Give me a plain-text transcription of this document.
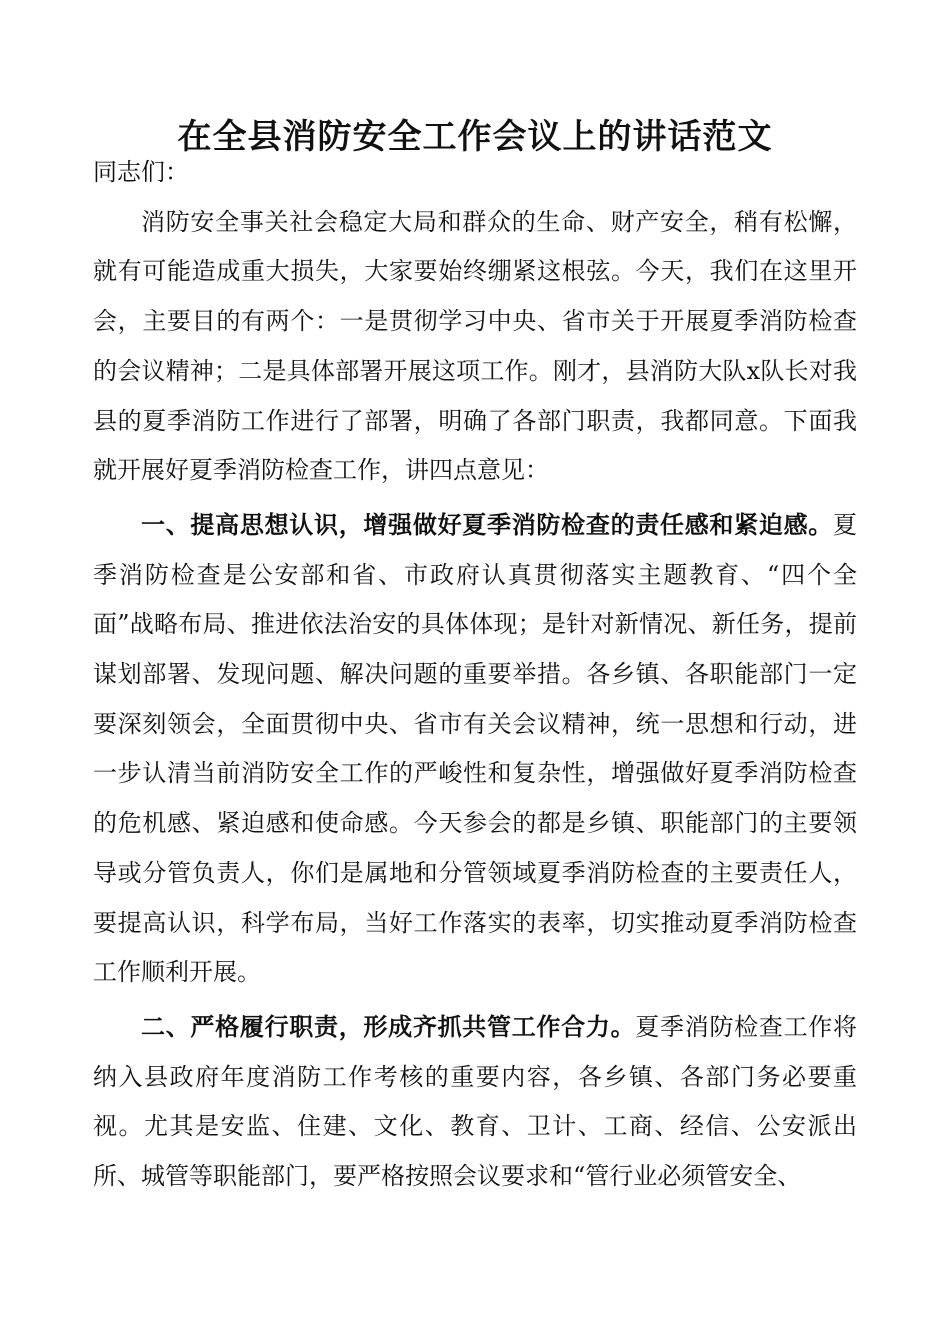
在全县消防安全工作会议上的讲话范文

同志们：

消防安全事关社会稳定大局和群众的生命、财产安全，稍有松懈，就有可能造成重大损失，大家要始终绷紧这根弦。今天，我们在这里开会，主要目的有两个：一是贯彻学习中央、省市关于开展夏季消防检查的会议精神；二是具体部署开展这项工作。刚才，县消防大队x队长对我县的夏季消防工作进行了部署，明确了各部门职责，我都同意。下面我就开展好夏季消防检查工作，讲四点意见：

一、提高思想认识，增强做好夏季消防检查的责任感和紧迫感。夏季消防检查是公安部和省、市政府认真贯彻落实主题教育、“四个全面”战略布局、推进依法治安的具体体现；是针对新情况、新任务，提前谋划部署、发现问题、解决问题的重要举措。各乡镇、各职能部门一定要深刻领会，全面贯彻中央、省市有关会议精神，统一思想和行动，进一步认清当前消防安全工作的严峻性和复杂性，增强做好夏季消防检查的危机感、紧迫感和使命感。今天参会的都是乡镇、职能部门的主要领导或分管负责人，你们是属地和分管领域夏季消防检查的主要责任人，要提高认识，科学布局，当好工作落实的表率，切实推动夏季消防检查工作顺利开展。

二、严格履行职责，形成齐抓共管工作合力。夏季消防检查工作将纳入县政府年度消防工作考核的重要内容，各乡镇、各部门务必要重视。尤其是安监、住建、文化、教育、卫计、工商、经信、公安派出所、城管等职能部门，要严格按照会议要求和“管行业必须管安全、
